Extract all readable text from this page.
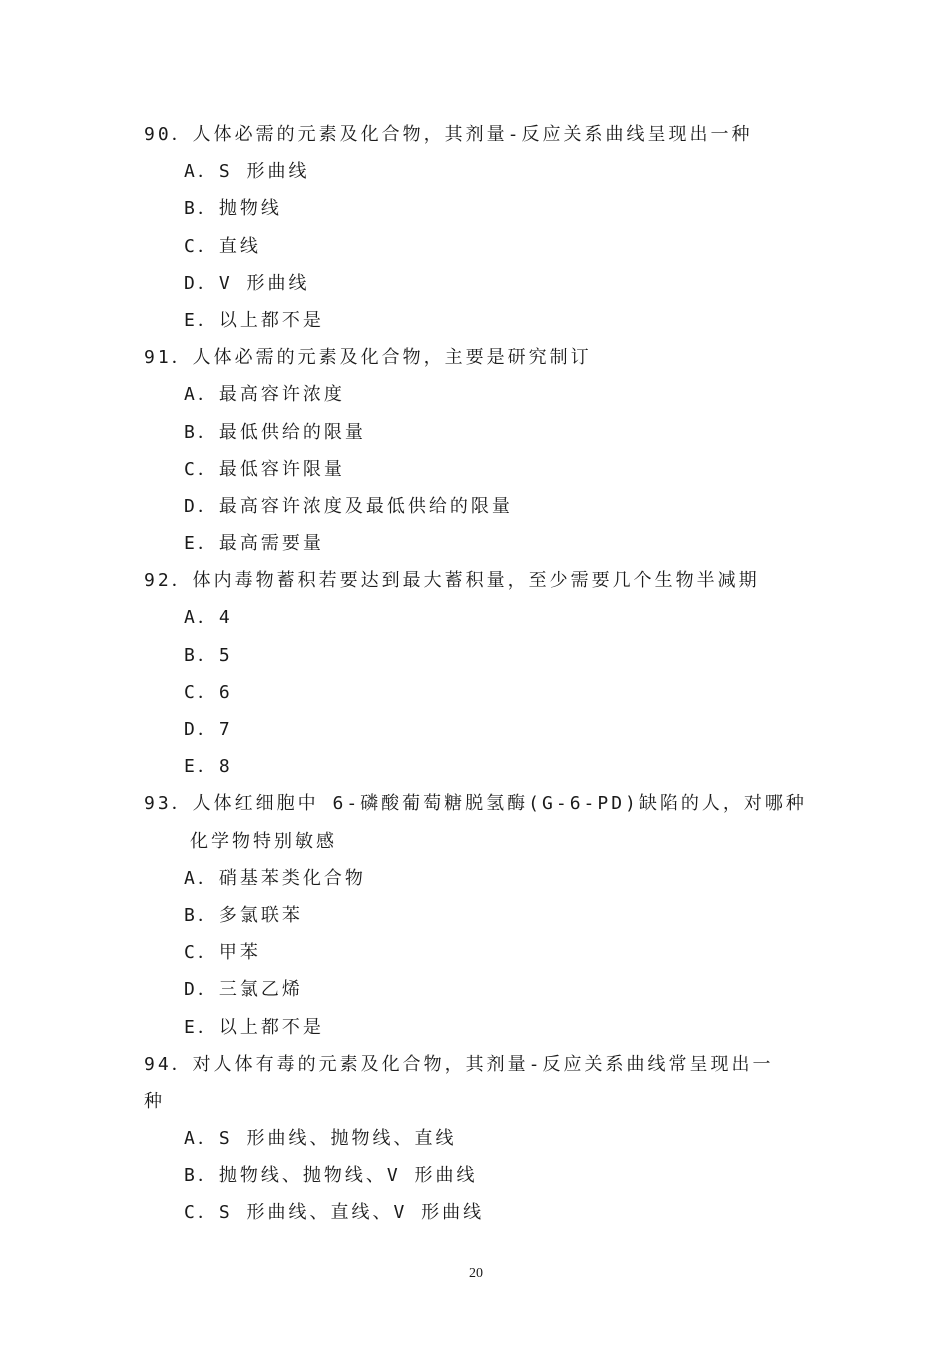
90．人体必需的元素及化合物，其剂量-反应关系曲线呈现出一种
A．S 形曲线
B．抛物线
C．直线
D．V 形曲线
E．以上都不是
91．人体必需的元素及化合物，主要是研究制订
A．最高容许浓度
B．最低供给的限量
C．最低容许限量
D．最高容许浓度及最低供给的限量
E．最高需要量
92．体内毒物蓄积若要达到最大蓄积量，至少需要几个生物半减期
A．4
B．5
C．6
D．7
E．8
93．人体红细胞中 6-磷酸葡萄糖脱氢酶(G-6-PD)缺陷的人，对哪种
化学物特别敏感
A．硝基苯类化合物
B．多氯联苯
C．甲苯
D．三氯乙烯
E．以上都不是
94．对人体有毒的元素及化合物，其剂量-反应关系曲线常呈现出一
种
A．S 形曲线、抛物线、直线
B．抛物线、抛物线、V 形曲线
C．S 形曲线、直线、V 形曲线
20
